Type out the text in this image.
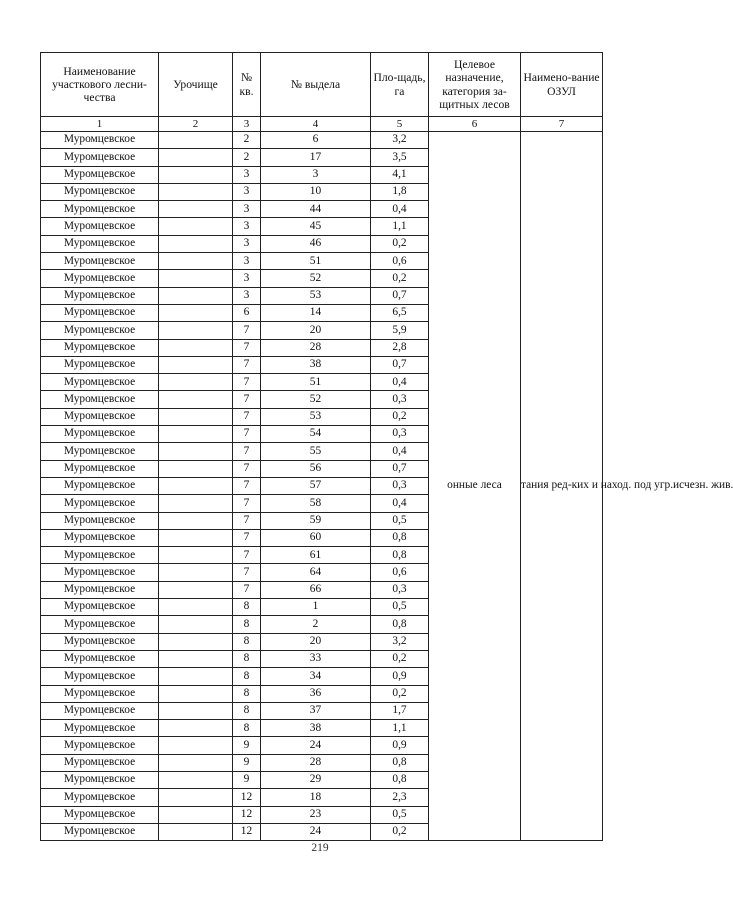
Наименование участкового лесни-чества	Урочище	№ кв.	№ выдела	Пло-щадь, га	Целевое назначение, категория за-щитных лесов	Наимено-вание ОЗУЛ
1	2	3	4	5	6	7
Муромцевское		2	6	3,2	онные леса	тания ред-ких и наход. под угр.исчезн. жив.
Муромцевское		2	17	3,5		
Муромцевское		3	3	4,1		
Муромцевское		3	10	1,8		
Муромцевское		3	44	0,4		
Муромцевское		3	45	1,1		
Муромцевское		3	46	0,2		
Муромцевское		3	51	0,6		
Муромцевское		3	52	0,2		
Муромцевское		3	53	0,7		
Муромцевское		6	14	6,5		
Муромцевское		7	20	5,9		
Муромцевское		7	28	2,8		
Муромцевское		7	38	0,7		
Муромцевское		7	51	0,4		
Муромцевское		7	52	0,3		
Муромцевское		7	53	0,2		
Муромцевское		7	54	0,3		
Муромцевское		7	55	0,4		
Муромцевское		7	56	0,7		
Муромцевское		7	57	0,3		
Муромцевское		7	58	0,4		
Муромцевское		7	59	0,5		
Муромцевское		7	60	0,8		
Муромцевское		7	61	0,8		
Муромцевское		7	64	0,6		
Муромцевское		7	66	0,3		
Муромцевское		8	1	0,5		
Муромцевское		8	2	0,8		
Муромцевское		8	20	3,2		
Муромцевское		8	33	0,2		
Муромцевское		8	34	0,9		
Муромцевское		8	36	0,2		
Муромцевское		8	37	1,7		
Муромцевское		8	38	1,1		
Муромцевское		9	24	0,9		
Муромцевское		9	28	0,8		
Муромцевское		9	29	0,8		
Муромцевское		12	18	2,3		
Муромцевское		12	23	0,5		
Муромцевское		12	24	0,2		
219
